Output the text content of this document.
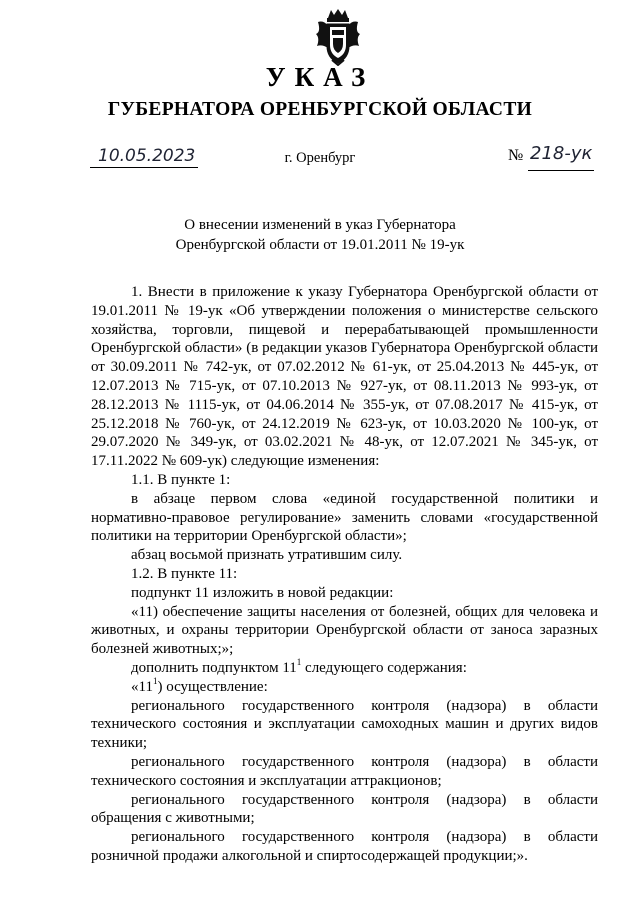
УКАЗ
ГУБЕРНАТОРА ОРЕНБУРГСКОЙ ОБЛАСТИ
10.05.2023	г. Оренбург	№ 218-ук
О внесении изменений в указ Губернатора
Оренбургской области от 19.01.2011 № 19-ук

1. Внести в приложение к указу Губернатора Оренбургской области от 19.01.2011 № 19-ук «Об утверждении положения о министерстве сельского хозяйства, торговли, пищевой и перерабатывающей промышленности Оренбургской области» (в редакции указов Губернатора Оренбургской области от 30.09.2011 № 742-ук, от 07.02.2012 № 61-ук, от 25.04.2013 № 445-ук, от 12.07.2013 № 715-ук, от 07.10.2013 № 927-ук, от 08.11.2013 № 993-ук, от 28.12.2013 № 1115-ук, от 04.06.2014 № 355-ук, от 07.08.2017 № 415-ук, от 25.12.2018 № 760-ук, от 24.12.2019 № 623-ук, от 10.03.2020 № 100-ук, от 29.07.2020 № 349-ук, от 03.02.2021 № 48-ук, от 12.07.2021 № 345-ук, от 17.11.2022 № 609-ук) следующие изменения:

1.1. В пункте 1:

в абзаце первом слова «единой государственной политики и нормативно-правовое регулирование» заменить словами «государственной политики на территории Оренбургской области»;

абзац восьмой признать утратившим силу.

1.2. В пункте 11:

подпункт 11 изложить в новой редакции:

«11) обеспечение защиты населения от болезней, общих для человека и животных, и охраны территории Оренбургской области от заноса заразных болезней животных;»;

дополнить подпунктом $11^1$ следующего содержания:

«$11^1$) осуществление:

регионального государственного контроля (надзора) в области технического состояния и эксплуатации самоходных машин и других видов техники;

регионального государственного контроля (надзора) в области технического состояния и эксплуатации аттракционов;

регионального государственного контроля (надзора) в области обращения с животными;

регионального государственного контроля (надзора) в области розничной продажи алкогольной и спиртосодержащей продукции;».
